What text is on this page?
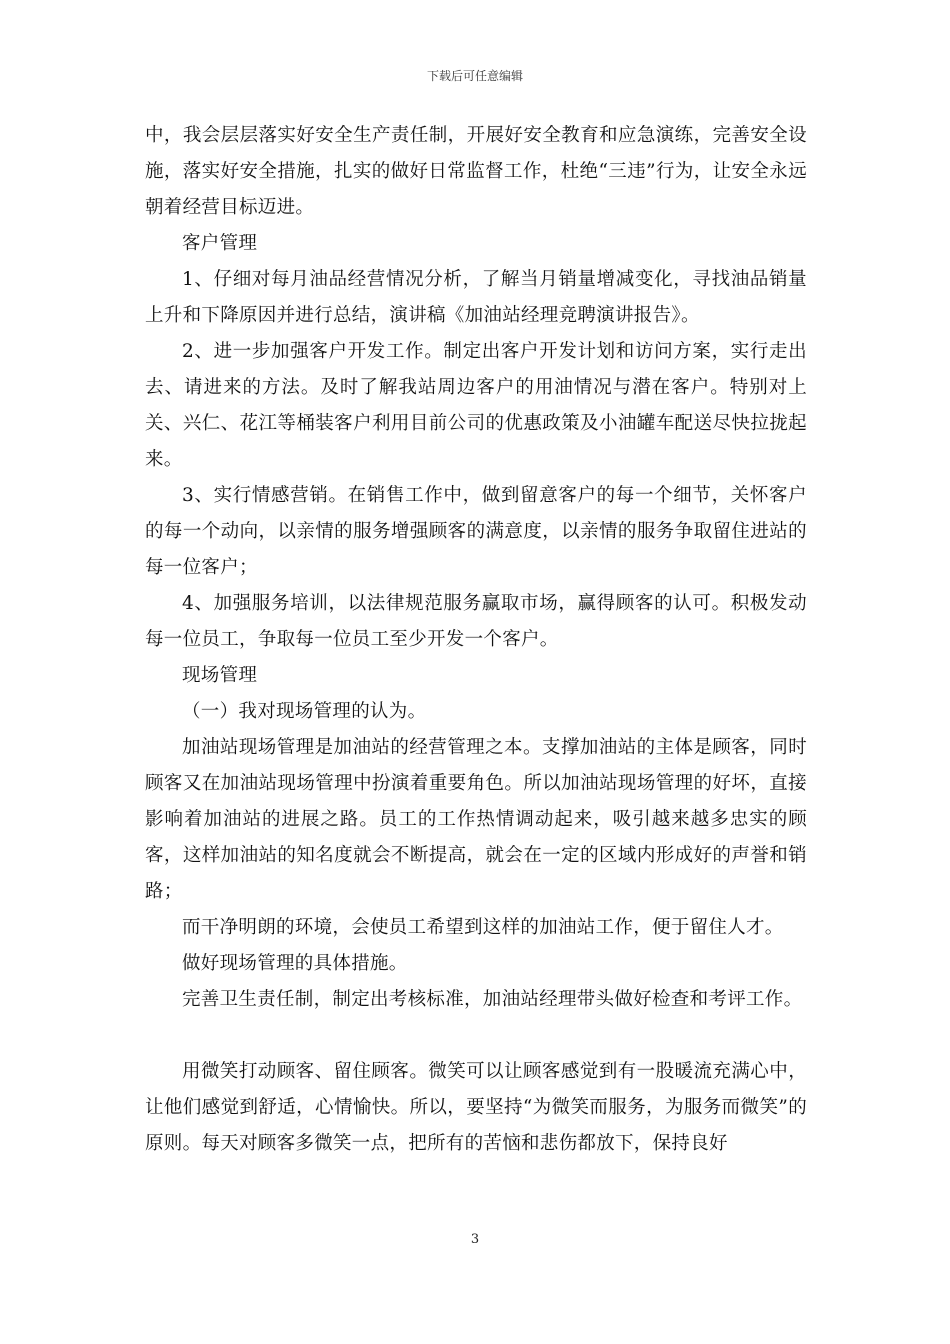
下载后可任意编辑

中，我会层层落实好安全生产责任制，开展好安全教育和应急演练，完善安全设施，落实好安全措施，扎实的做好日常监督工作，杜绝“三违”行为，让安全永远朝着经营目标迈进。

客户管理

1、仔细对每月油品经营情况分析，了解当月销量增减变化，寻找油品销量上升和下降原因并进行总结，演讲稿《加油站经理竞聘演讲报告》。

2、进一步加强客户开发工作。制定出客户开发计划和访问方案，实行走出去、请进来的方法。及时了解我站周边客户的用油情况与潜在客户。特别对上关、兴仁、花江等桶装客户利用目前公司的优惠政策及小油罐车配送尽快拉拢起来。

3、实行情感营销。在销售工作中，做到留意客户的每一个细节，关怀客户的每一个动向，以亲情的服务增强顾客的满意度，以亲情的服务争取留住进站的每一位客户；

4、加强服务培训，以法律规范服务赢取市场，赢得顾客的认可。积极发动每一位员工，争取每一位员工至少开发一个客户。

现场管理

（一）我对现场管理的认为。

加油站现场管理是加油站的经营管理之本。支撑加油站的主体是顾客，同时顾客又在加油站现场管理中扮演着重要角色。所以加油站现场管理的好坏，直接影响着加油站的进展之路。员工的工作热情调动起来，吸引越来越多忠实的顾客，这样加油站的知名度就会不断提高，就会在一定的区域内形成好的声誉和销路；

而干净明朗的环境，会使员工希望到这样的加油站工作，便于留住人才。

做好现场管理的具体措施。

完善卫生责任制，制定出考核标准，加油站经理带头做好检查和考评工作。

用微笑打动顾客、留住顾客。微笑可以让顾客感觉到有一股暖流充满心中，让他们感觉到舒适，心情愉快。所以，要坚持“为微笑而服务，为服务而微笑”的原则。每天对顾客多微笑一点，把所有的苦恼和悲伤都放下，保持良好

3
